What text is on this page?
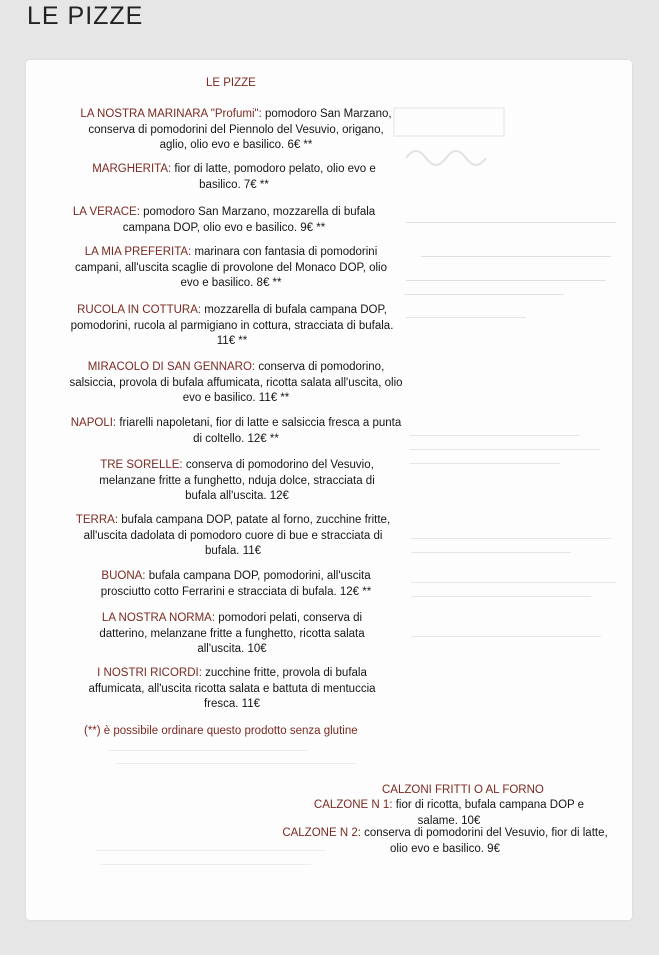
LE PIZZE
LE PIZZE
LA NOSTRA MARINARA "Profumi": pomodoro San Marzano, conserva di pomodorini del Piennolo del Vesuvio, origano, aglio, olio evo e basilico. 6€ **
MARGHERITA: fior di latte, pomodoro pelato, olio evo e basilico. 7€ **
LA VERACE: pomodoro San Marzano, mozzarella di bufala campana DOP, olio evo e basilico. 9€ **
LA MIA PREFERITA: marinara con fantasia di pomodorini campani, all'uscita scaglie di provolone del Monaco DOP, olio evo e basilico. 8€ **
RUCOLA IN COTTURA: mozzarella di bufala campana DOP, pomodorini, rucola al parmigiano in cottura, stracciata di bufala. 11€ **
MIRACOLO DI SAN GENNARO: conserva di pomodorino, salsiccia, provola di bufala affumicata, ricotta salata all'uscita, olio evo e basilico. 11€ **
NAPOLI: friarelli napoletani, fior di latte e salsiccia fresca a punta di coltello. 12€ **
TRE SORELLE: conserva di pomodorino del Vesuvio, melanzane fritte a funghetto, nduja dolce, stracciata di bufala all'uscita. 12€
TERRA: bufala campana DOP, patate al forno, zucchine fritte, all'uscita dadolata di pomodoro cuore di bue e stracciata di bufala. 11€
BUONA: bufala campana DOP, pomodorini, all'uscita prosciutto cotto Ferrarini e stracciata di bufala. 12€ **
LA NOSTRA NORMA: pomodori pelati, conserva di datterino, melanzane fritte a funghetto, ricotta salata all'uscita. 10€
I NOSTRI RICORDI: zucchine fritte, provola di bufala affumicata, all'uscita ricotta salata e battuta di mentuccia fresca. 11€
(**) è possibile ordinare questo prodotto senza glutine
CALZONI FRITTI O AL FORNO
CALZONE N 1: fior di ricotta, bufala campana DOP e salame. 10€
CALZONE N 2: conserva di pomodorini del Vesuvio, fior di latte, olio evo e basilico. 9€
